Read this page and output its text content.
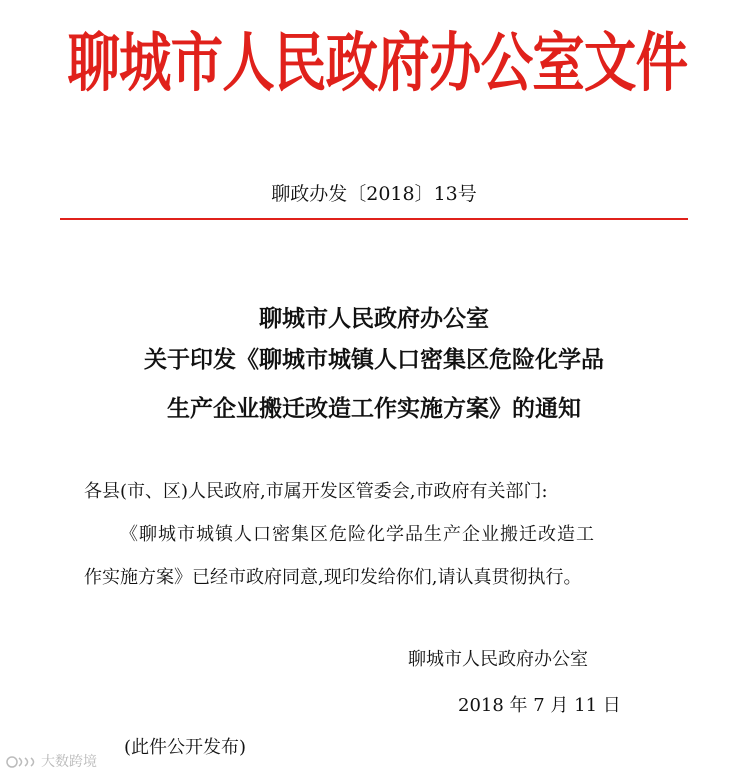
聊城市人民政府办公室文件
聊政办发〔2018〕13号
聊城市人民政府办公室
关于印发《聊城市城镇人口密集区危险化学品
生产企业搬迁改造工作实施方案》的通知
各县(市、区)人民政府,市属开发区管委会,市政府有关部门:
《聊城市城镇人口密集区危险化学品生产企业搬迁改造工
作实施方案》已经市政府同意,现印发给你们,请认真贯彻执行。
聊城市人民政府办公室
2018 年 7 月 11 日
(此件公开发布)
大数跨境
